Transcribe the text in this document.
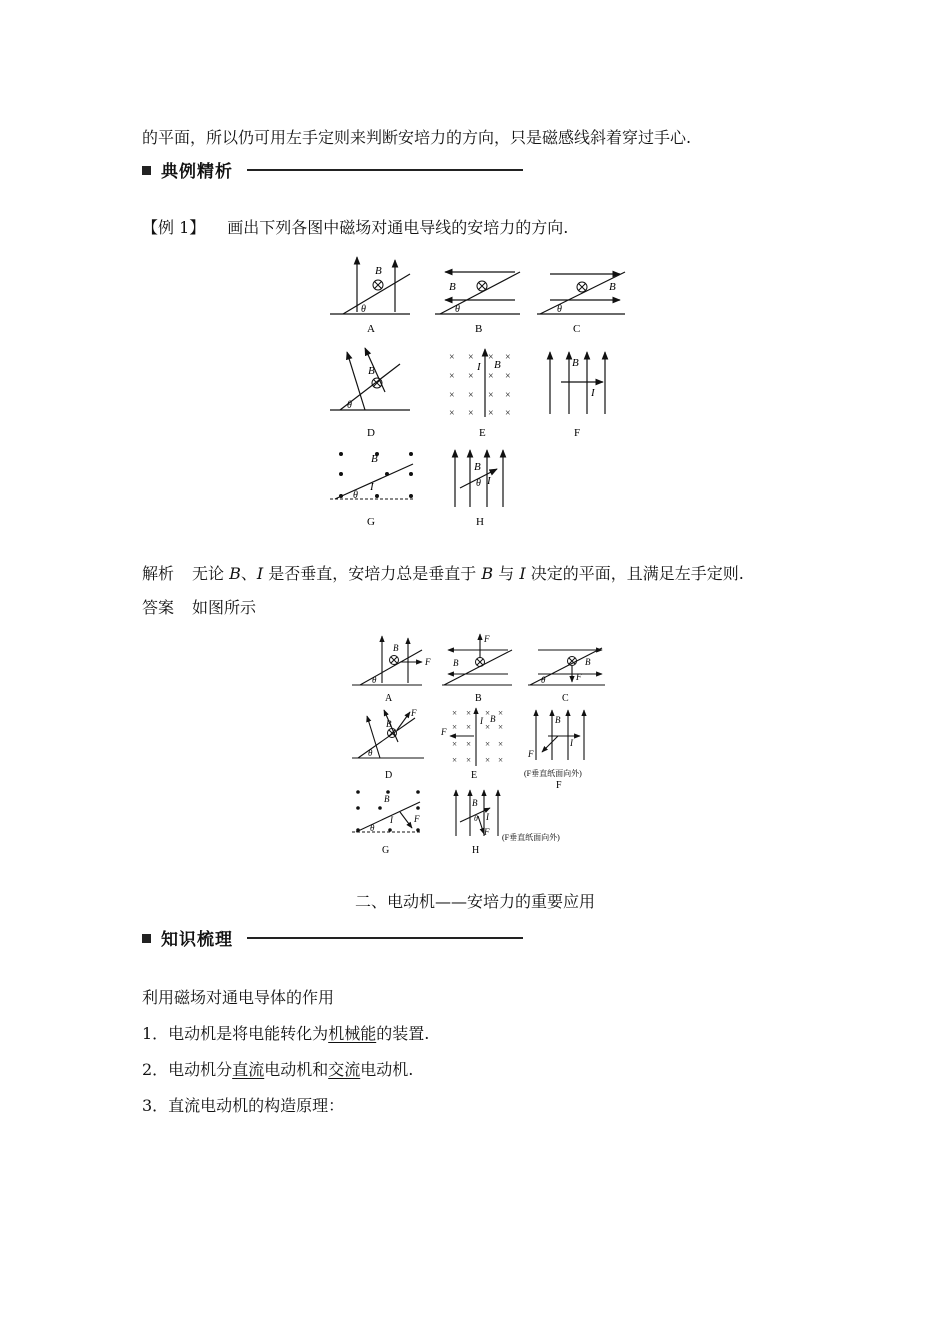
的平面，所以仍可用左手定则来判断安培力的方向，只是磁感线斜着穿过手心.
典例精析
【例 1】 画出下列各图中磁场对通电导线的安培力的方向.
B
θ
A
B
θ
B
B
θ
C
B
θ
D
× × × ×
× × × ×
× × × ×
× × × ×
I B
E
B
I
F
B
I
θ
G
B
I
θ
H
解析 无论 B、I 是否垂直，安培力总是垂直于 B 与 I 决定的平面，且满足左手定则.
答案 如图所示
B
F
θ
A
B
F
B
B
F
θ
C
B
F
θ
D
× × × ×
× × × ×
× × × ×
× × × ×
I B
F
E
B
I
F
(F垂直纸面向外)
F
B
I F
θ
G
B
I
θ
F
(F垂直纸面向外)
H
二、电动机——安培力的重要应用
知识梳理
利用磁场对通电导体的作用
1．电动机是将电能转化为机械能的装置.
2．电动机分直流电动机和交流电动机.
3．直流电动机的构造原理：
